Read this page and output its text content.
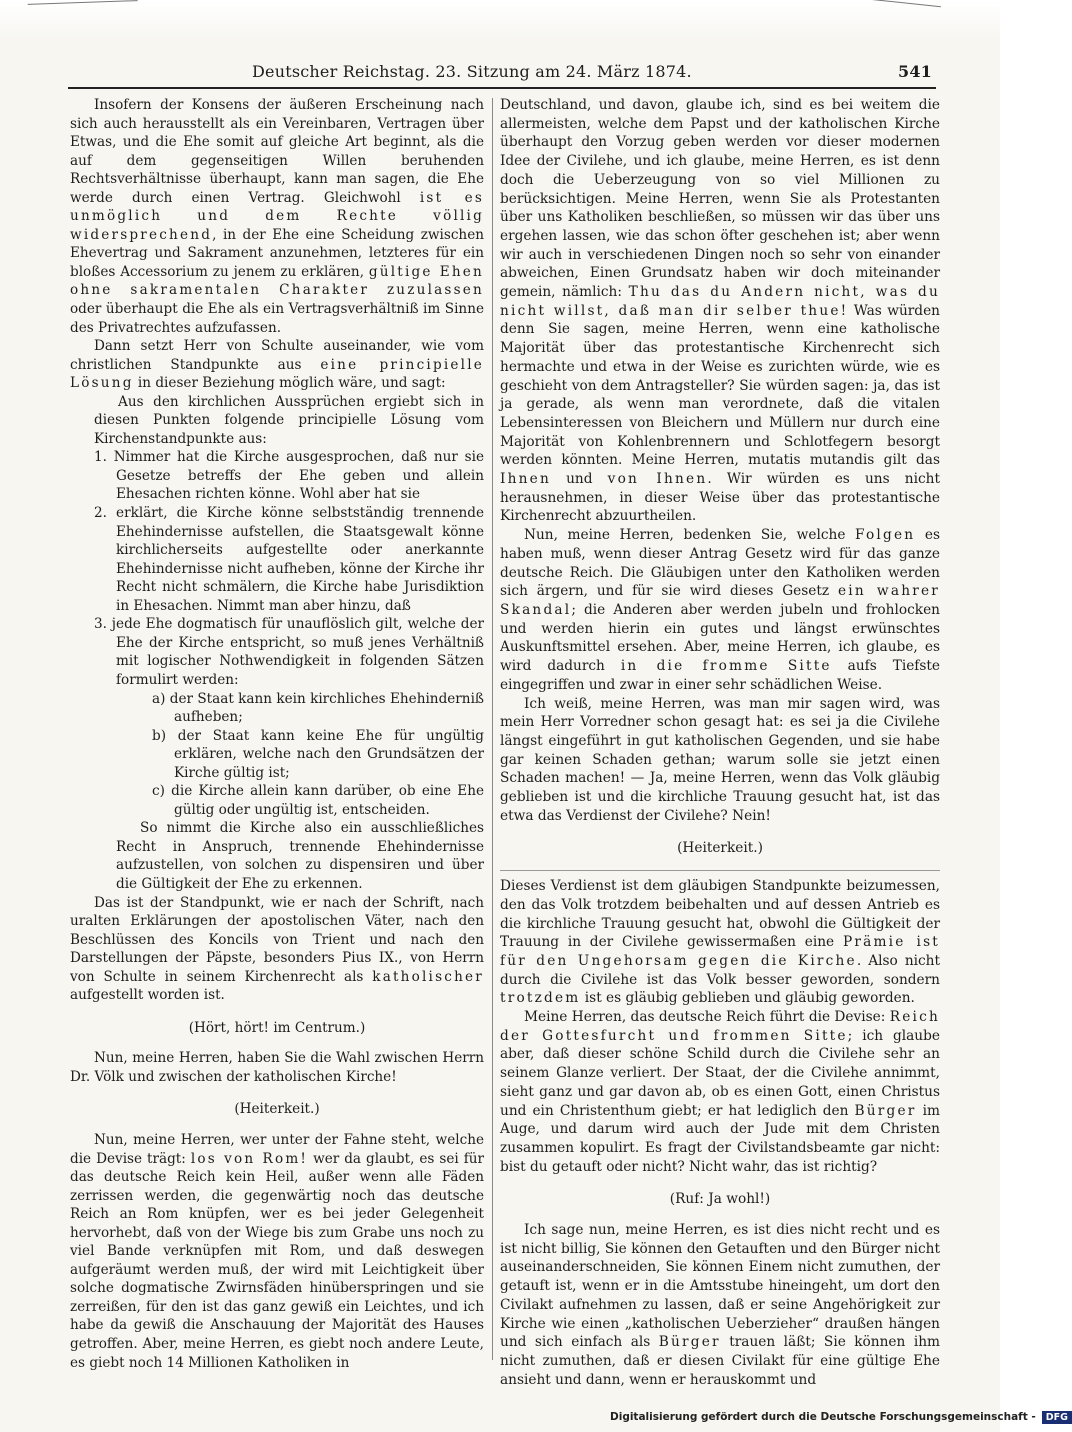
Deutscher Reichstag. 23. Sitzung am 24. März 1874.	541

Insofern der Konsens der äußeren Erscheinung nach sich auch herausstellt als ein Vereinbaren, Vertragen über Etwas, und die Ehe somit auf gleiche Art beginnt, als die auf dem gegenseitigen Willen beruhenden Rechtsverhältnisse überhaupt, kann man sagen, die Ehe werde durch einen Vertrag. Gleichwohl ist es unmöglich und dem Rechte völlig widersprechend, in der Ehe eine Scheidung zwischen Ehevertrag und Sakrament anzunehmen, letzteres für ein bloßes Accessorium zu jenem zu erklären, gültige Ehen ohne sakramentalen Charakter zuzulassen oder überhaupt die Ehe als ein Vertragsverhältniß im Sinne des Privatrechtes aufzufassen.

Dann setzt Herr von Schulte auseinander, wie vom christlichen Standpunkte aus eine principielle Lösung in dieser Beziehung möglich wäre, und sagt:

Aus den kirchlichen Aussprüchen ergiebt sich in diesen Punkten folgende principielle Lösung vom Kirchenstandpunkte aus:

1. Nimmer hat die Kirche ausgesprochen, daß nur sie Gesetze betreffs der Ehe geben und allein Ehesachen richten könne. Wohl aber hat sie

2. erklärt, die Kirche könne selbstständig trennende Ehehindernisse aufstellen, die Staatsgewalt könne kirchlicherseits aufgestellte oder anerkannte Ehehindernisse nicht aufheben, könne der Kirche ihr Recht nicht schmälern, die Kirche habe Jurisdiktion in Ehesachen. Nimmt man aber hinzu, daß

3. jede Ehe dogmatisch für unauflöslich gilt, welche der Ehe der Kirche entspricht, so muß jenes Verhältniß mit logischer Nothwendigkeit in folgenden Sätzen formulirt werden:

a) der Staat kann kein kirchliches Ehehinderniß aufheben;

b) der Staat kann keine Ehe für ungültig erklären, welche nach den Grundsätzen der Kirche gültig ist;

c) die Kirche allein kann darüber, ob eine Ehe gültig oder ungültig ist, entscheiden.

So nimmt die Kirche also ein ausschließliches Recht in Anspruch, trennende Ehehindernisse aufzustellen, von solchen zu dispensiren und über die Gültigkeit der Ehe zu erkennen.

Das ist der Standpunkt, wie er nach der Schrift, nach uralten Erklärungen der apostolischen Väter, nach den Beschlüssen des Koncils von Trient und nach den Darstellungen der Päpste, besonders Pius IX., von Herrn von Schulte in seinem Kirchenrecht als katholischer aufgestellt worden ist.

(Hört, hört! im Centrum.)

Nun, meine Herren, haben Sie die Wahl zwischen Herrn Dr. Völk und zwischen der katholischen Kirche!

(Heiterkeit.)

Nun, meine Herren, wer unter der Fahne steht, welche die Devise trägt: los von Rom! wer da glaubt, es sei für das deutsche Reich kein Heil, außer wenn alle Fäden zerrissen werden, die gegenwärtig noch das deutsche Reich an Rom knüpfen, wer es bei jeder Gelegenheit hervorhebt, daß von der Wiege bis zum Grabe uns noch zu viel Bande verknüpfen mit Rom, und daß deswegen aufgeräumt werden muß, der wird mit Leichtigkeit über solche dogmatische Zwirnsfäden hinüberspringen und sie zerreißen, für den ist das ganz gewiß ein Leichtes, und ich habe da gewiß die Anschauung der Majorität des Hauses getroffen. Aber, meine Herren, es giebt noch andere Leute, es giebt noch 14 Millionen Katholiken in

Deutschland, und davon, glaube ich, sind es bei weitem die allermeisten, welche dem Papst und der katholischen Kirche überhaupt den Vorzug geben werden vor dieser modernen Idee der Civilehe, und ich glaube, meine Herren, es ist denn doch die Ueberzeugung von so viel Millionen zu berücksichtigen. Meine Herren, wenn Sie als Protestanten über uns Katholiken beschließen, so müssen wir das über uns ergehen lassen, wie das schon öfter geschehen ist; aber wenn wir auch in verschiedenen Dingen noch so sehr von einander abweichen, Einen Grundsatz haben wir doch miteinander gemein, nämlich: Thu das du Andern nicht, was du nicht willst, daß man dir selber thue! Was würden denn Sie sagen, meine Herren, wenn eine katholische Majorität über das protestantische Kirchenrecht sich hermachte und etwa in der Weise es zurichten würde, wie es geschieht von dem Antragsteller? Sie würden sagen: ja, das ist ja gerade, als wenn man verordnete, daß die vitalen Lebensinteressen von Bleichern und Müllern nur durch eine Majorität von Kohlenbrennern und Schlotfegern besorgt werden könnten. Meine Herren, mutatis mutandis gilt das Ihnen und von Ihnen. Wir würden es uns nicht herausnehmen, in dieser Weise über das protestantische Kirchenrecht abzuurtheilen.

Nun, meine Herren, bedenken Sie, welche Folgen es haben muß, wenn dieser Antrag Gesetz wird für das ganze deutsche Reich. Die Gläubigen unter den Katholiken werden sich ärgern, und für sie wird dieses Gesetz ein wahrer Skandal; die Anderen aber werden jubeln und frohlocken und werden hierin ein gutes und längst erwünschtes Auskunftsmittel ersehen. Aber, meine Herren, ich glaube, es wird dadurch in die fromme Sitte aufs Tiefste eingegriffen und zwar in einer sehr schädlichen Weise.

Ich weiß, meine Herren, was man mir sagen wird, was mein Herr Vorredner schon gesagt hat: es sei ja die Civilehe längst eingeführt in gut katholischen Gegenden, und sie habe gar keinen Schaden gethan; warum solle sie jetzt einen Schaden machen! — Ja, meine Herren, wenn das Volk gläubig geblieben ist und die kirchliche Trauung gesucht hat, ist das etwa das Verdienst der Civilehe? Nein!

(Heiterkeit.)

Dieses Verdienst ist dem gläubigen Standpunkte beizumessen, den das Volk trotzdem beibehalten und auf dessen Antrieb es die kirchliche Trauung gesucht hat, obwohl die Gültigkeit der Trauung in der Civilehe gewissermaßen eine Prämie ist für den Ungehorsam gegen die Kirche. Also nicht durch die Civilehe ist das Volk besser geworden, sondern trotzdem ist es gläubig geblieben und gläubig geworden.

Meine Herren, das deutsche Reich führt die Devise: Reich der Gottesfurcht und frommen Sitte; ich glaube aber, daß dieser schöne Schild durch die Civilehe sehr an seinem Glanze verliert. Der Staat, der die Civilehe annimmt, sieht ganz und gar davon ab, ob es einen Gott, einen Christus und ein Christenthum giebt; er hat lediglich den Bürger im Auge, und darum wird auch der Jude mit dem Christen zusammen kopulirt. Es fragt der Civilstandsbeamte gar nicht: bist du getauft oder nicht? Nicht wahr, das ist richtig?

(Ruf: Ja wohl!)

Ich sage nun, meine Herren, es ist dies nicht recht und es ist nicht billig, Sie können den Getauften und den Bürger nicht auseinanderschneiden, Sie können Einem nicht zumuthen, der getauft ist, wenn er in die Amtsstube hineingeht, um dort den Civilakt aufnehmen zu lassen, daß er seine Angehörigkeit zur Kirche wie einen „katholischen Ueberzieher“ draußen hängen und sich einfach als Bürger trauen läßt; Sie können ihm nicht zumuthen, daß er diesen Civilakt für eine gültige Ehe ansieht und dann, wenn er herauskommt und

Digitalisierung gefördert durch die Deutsche Forschungsgemeinschaft - DFG
